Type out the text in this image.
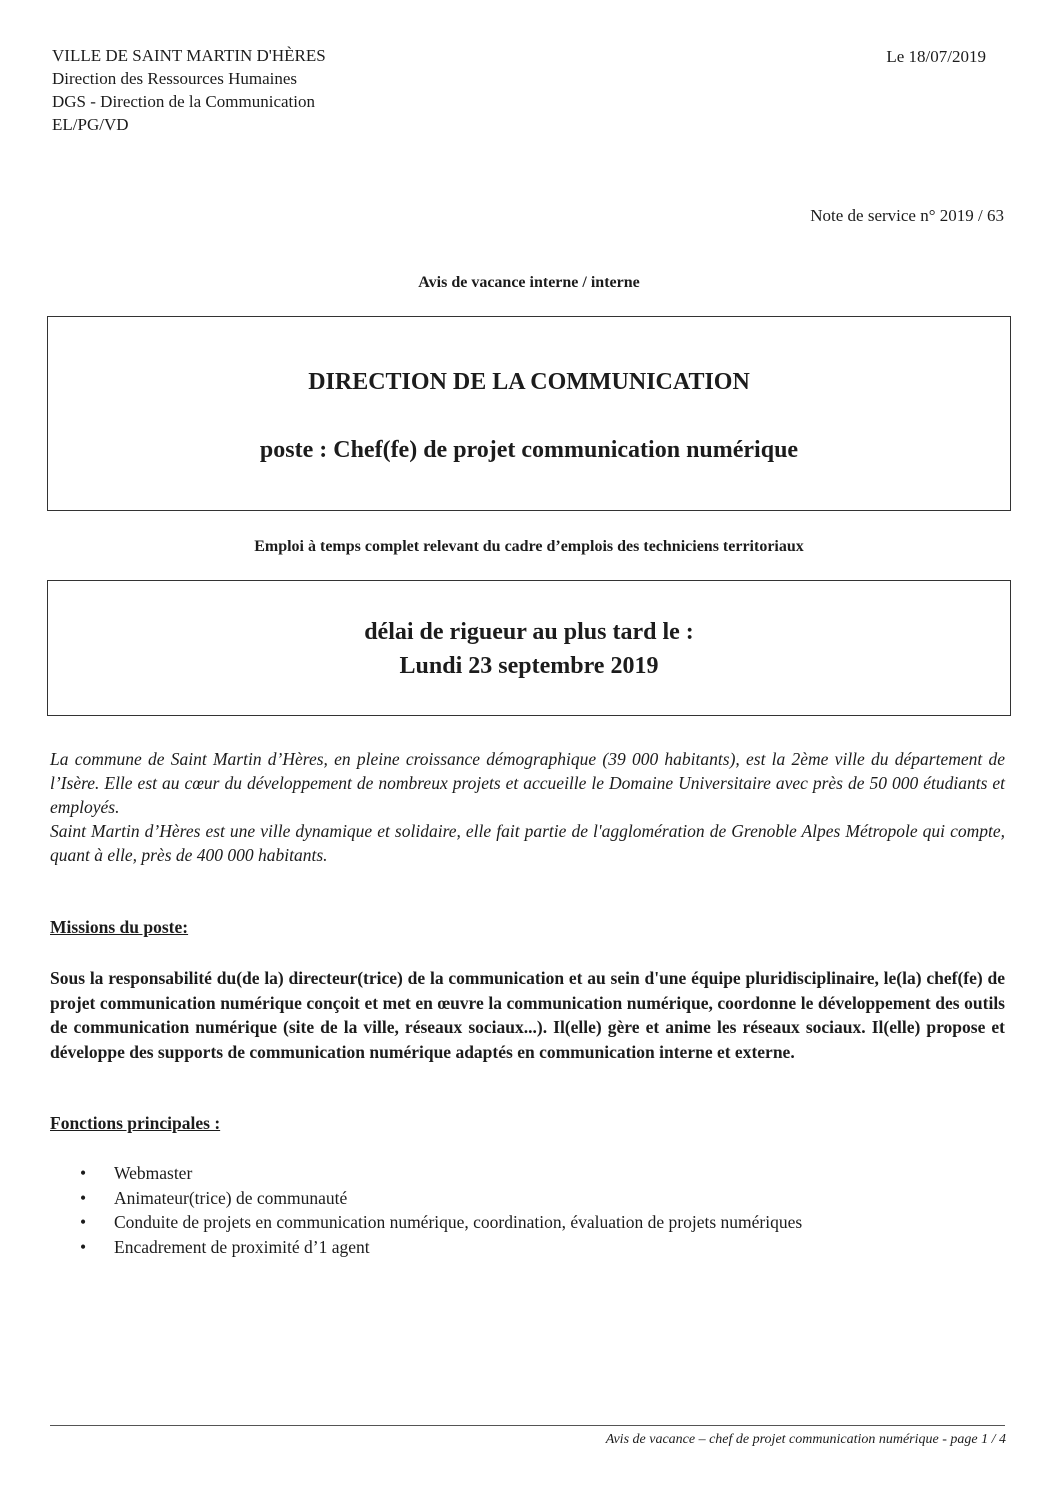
VILLE DE SAINT MARTIN D'HÈRES
Direction des Ressources Humaines
DGS - Direction de la Communication
EL/PG/VD
Le 18/07/2019
Note de service n° 2019 / 63
Avis de vacance interne / interne
DIRECTION DE LA COMMUNICATION
poste : Chef(fe) de projet communication numérique
Emploi à temps complet relevant du cadre d’emplois des techniciens territoriaux
délai de rigueur au plus tard le :
Lundi 23 septembre 2019

La commune de Saint Martin d’Hères, en pleine croissance démographique (39 000 habitants), est la 2ème ville du département de l’Isère. Elle est au cœur du développement de nombreux projets et accueille le Domaine Universitaire avec près de 50 000 étudiants et employés.

Saint Martin d’Hères est une ville dynamique et solidaire, elle fait partie de l'agglomération de Grenoble Alpes Métropole qui compte, quant à elle, près de 400 000 habitants.

Missions du poste:
Sous la responsabilité du(de la) directeur(trice) de la communication et au sein d'une équipe pluridisciplinaire, le(la) chef(fe) de projet communication numérique conçoit et met en œuvre la communication numérique, coordonne le développement des outils de communication numérique (site de la ville, réseaux sociaux...). Il(elle) gère et anime les réseaux sociaux. Il(elle) propose et développe des supports de communication numérique adaptés en communication interne et externe.
Fonctions principales :
• Webmaster
• Animateur(trice) de communauté
• Conduite de projets en communication numérique, coordination, évaluation de projets numériques
• Encadrement de proximité d’1 agent
Avis de vacance – chef de projet communication numérique - page 1 / 4
